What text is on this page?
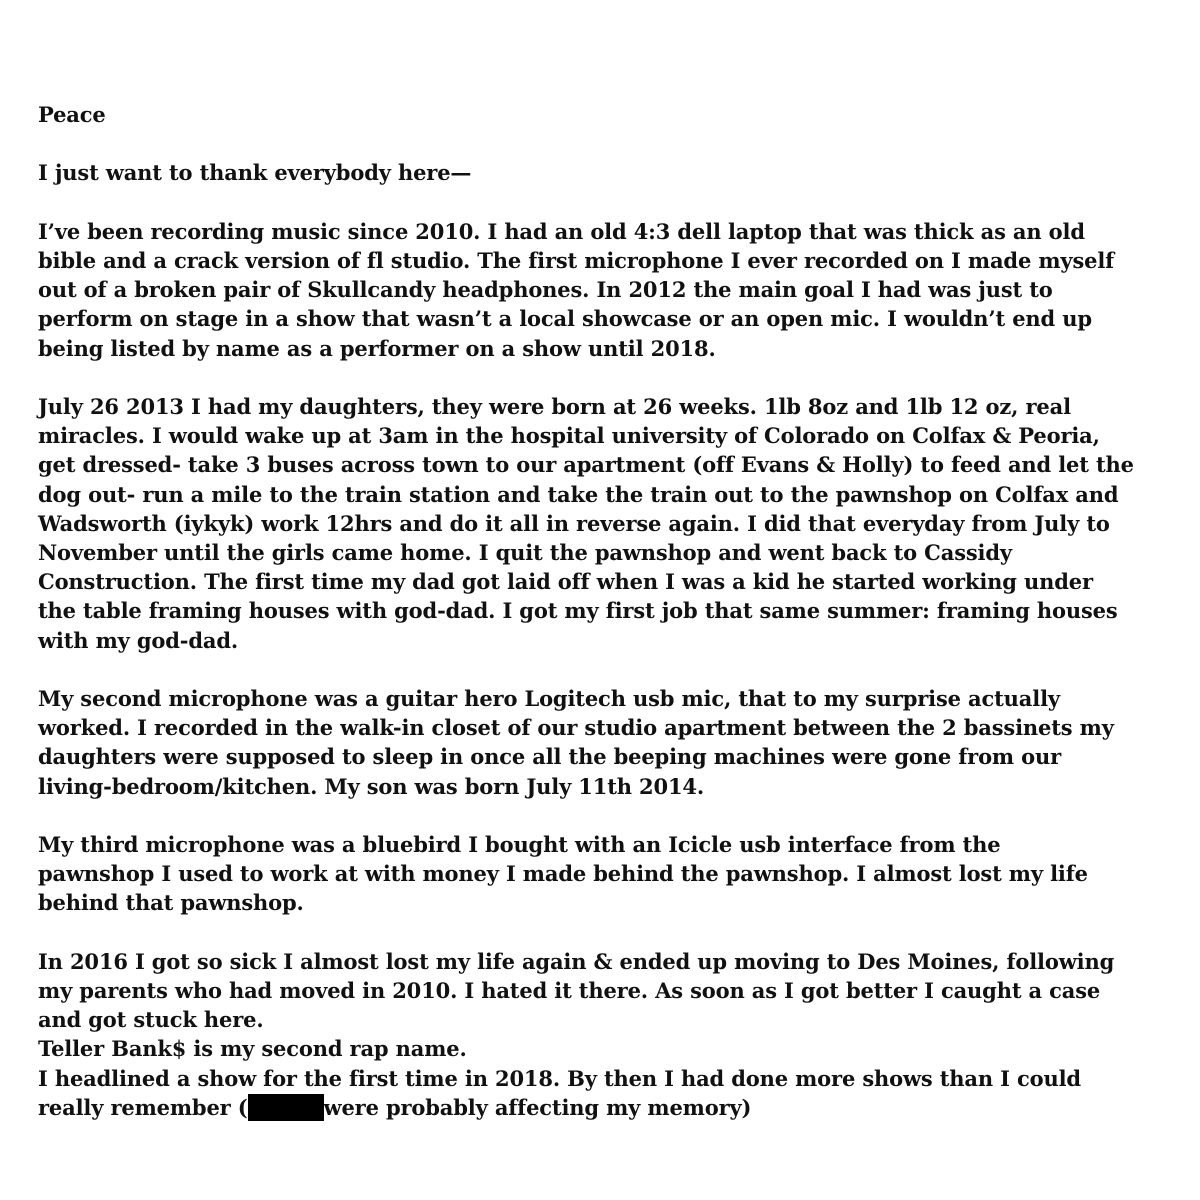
Peace

I just want to thank everybody here—

I’ve been recording music since 2010. I had an old 4:3 dell laptop that was thick as an old
bible and a crack version of fl studio. The first microphone I ever recorded on I made myself
out of a broken pair of Skullcandy headphones. In 2012 the main goal I had was just to
perform on stage in a show that wasn’t a local showcase or an open mic. I wouldn’t end up
being listed by name as a performer on a show until 2018.

July 26 2013 I had my daughters, they were born at 26 weeks. 1lb 8oz and 1lb 12 oz, real
miracles. I would wake up at 3am in the hospital university of Colorado on Colfax & Peoria,
get dressed- take 3 buses across town to our apartment (off Evans & Holly) to feed and let the
dog out- run a mile to the train station and take the train out to the pawnshop on Colfax and
Wadsworth (iykyk) work 12hrs and do it all in reverse again. I did that everyday from July to
November until the girls came home. I quit the pawnshop and went back to Cassidy
Construction. The first time my dad got laid off when I was a kid he started working under
the table framing houses with god-dad. I got my first job that same summer: framing houses
with my god-dad.

My second microphone was a guitar hero Logitech usb mic, that to my surprise actually
worked. I recorded in the walk-in closet of our studio apartment between the 2 bassinets my
daughters were supposed to sleep in once all the beeping machines were gone from our
living-bedroom/kitchen. My son was born July 11th 2014.

My third microphone was a bluebird I bought with an Icicle usb interface from the
pawnshop I used to work at with money I made behind the pawnshop. I almost lost my life
behind that pawnshop.

In 2016 I got so sick I almost lost my life again & ended up moving to Des Moines, following
my parents who had moved in 2010. I hated it there. As soon as I got better I caught a case
and got stuck here.
Teller Bank$ is my second rap name.
I headlined a show for the first time in 2018. By then I had done more shows than I could

really remember (	were probably affecting my memory)
